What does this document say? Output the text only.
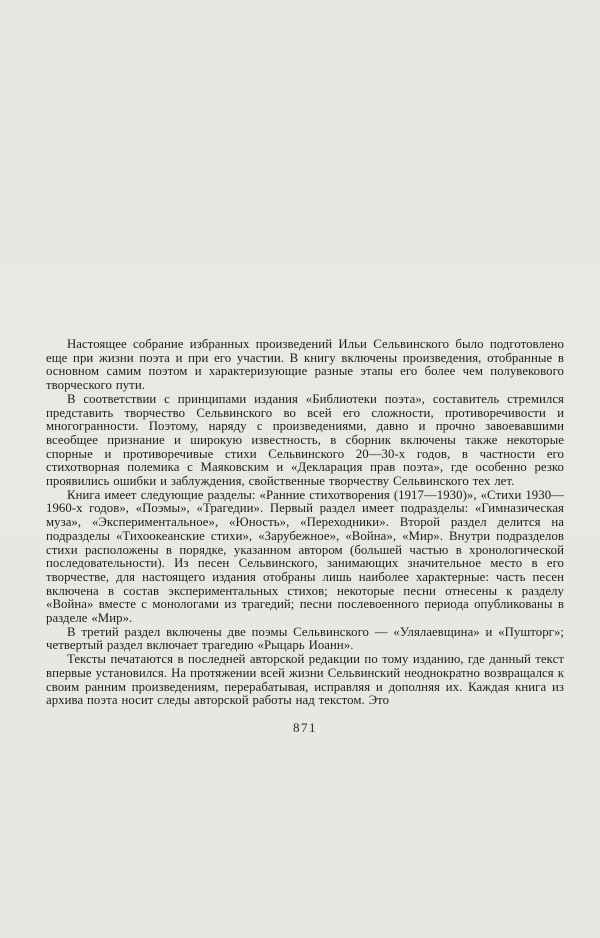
Настоящее собрание избранных произведений Ильи Сельвинского было подготовлено еще при жизни поэта и при его участии. В книгу включены произведения, отобранные в основном самим поэтом и характеризующие разные этапы его более чем полувекового творческого пути.

В соответствии с принципами издания «Библиотеки поэта», составитель стремился представить творчество Сельвинского во всей его сложности, противоречивости и многогранности. Поэтому, наряду с произведениями, давно и прочно завоевавшими всеобщее признание и широкую известность, в сборник включены также некоторые спорные и противоречивые стихи Сельвинского 20—30-х годов, в частности его стихотворная полемика с Маяковским и «Декларация прав поэта», где особенно резко проявились ошибки и заблуждения, свойственные творчеству Сельвинского тех лет.

Книга имеет следующие разделы: «Ранние стихотворения (1917—1930)», «Стихи 1930—1960-х годов», «Поэмы», «Трагедии». Первый раздел имеет подразделы: «Гимназическая муза», «Экспериментальное», «Юность», «Переходники». Второй раздел делится на подразделы «Тихоокеанские стихи», «Зарубежное», «Война», «Мир». Внутри подразделов стихи расположены в порядке, указанном автором (большей частью в хронологической последовательности). Из песен Сельвинского, занимающих значительное место в его творчестве, для настоящего издания отобраны лишь наиболее характерные: часть песен включена в состав экспериментальных стихов; некоторые песни отнесены к разделу «Война» вместе с монологами из трагедий; песни послевоенного периода опубликованы в разделе «Мир».

В третий раздел включены две поэмы Сельвинского — «Улялаевщина» и «Пушторг»; четвертый раздел включает трагедию «Рыцарь Иоанн».

Тексты печатаются в последней авторской редакции по тому изданию, где данный текст впервые установился. На протяжении всей жизни Сельвинский неоднократно возвращался к своим ранним произведениям, перерабатывая, исправляя и дополняя их. Каждая книга из архива поэта носит следы авторской работы над текстом. Это

871
